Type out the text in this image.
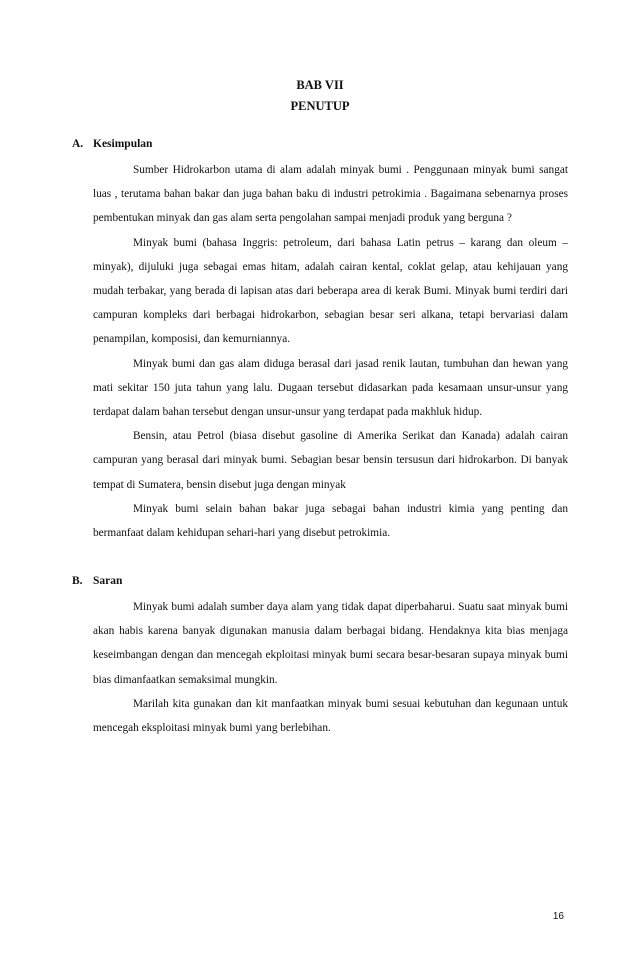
BAB VII
PENUTUP
A. Kesimpulan

Sumber Hidrokarbon utama di alam adalah minyak bumi . Penggunaan minyak bumi sangat luas , terutama bahan bakar dan juga bahan baku di industri petrokimia . Bagaimana sebenarnya proses pembentukan minyak dan gas alam serta pengolahan sampai menjadi produk yang berguna ?

Minyak bumi (bahasa Inggris: petroleum, dari bahasa Latin petrus – karang dan oleum – minyak), dijuluki juga sebagai emas hitam, adalah cairan kental, coklat gelap, atau kehijauan yang mudah terbakar, yang berada di lapisan atas dari beberapa area di kerak Bumi. Minyak bumi terdiri dari campuran kompleks dari berbagai hidrokarbon, sebagian besar seri alkana, tetapi bervariasi dalam penampilan, komposisi, dan kemurniannya.

Minyak bumi dan gas alam diduga berasal dari jasad renik lautan, tumbuhan dan hewan yang mati sekitar 150 juta tahun yang lalu. Dugaan tersebut didasarkan pada kesamaan unsur-unsur yang terdapat dalam bahan tersebut dengan unsur-unsur yang terdapat pada makhluk hidup.

Bensin, atau Petrol (biasa disebut gasoline di Amerika Serikat dan Kanada) adalah cairan campuran yang berasal dari minyak bumi. Sebagian besar bensin tersusun dari hidrokarbon. Di banyak tempat di Sumatera, bensin disebut juga dengan minyak

Minyak bumi selain bahan bakar juga sebagai bahan industri kimia yang penting dan bermanfaat dalam kehidupan sehari-hari yang disebut petrokimia.

B. Saran

Minyak bumi adalah sumber daya alam yang tidak dapat diperbaharui. Suatu saat minyak bumi akan habis karena banyak digunakan manusia dalam berbagai bidang. Hendaknya kita bias menjaga keseimbangan dengan dan mencegah ekploitasi minyak bumi secara besar-besaran supaya minyak bumi bias dimanfaatkan semaksimal mungkin.

Marilah kita gunakan dan kit manfaatkan minyak bumi sesuai kebutuhan dan kegunaan untuk mencegah eksploitasi minyak bumi yang berlebihan.

16
